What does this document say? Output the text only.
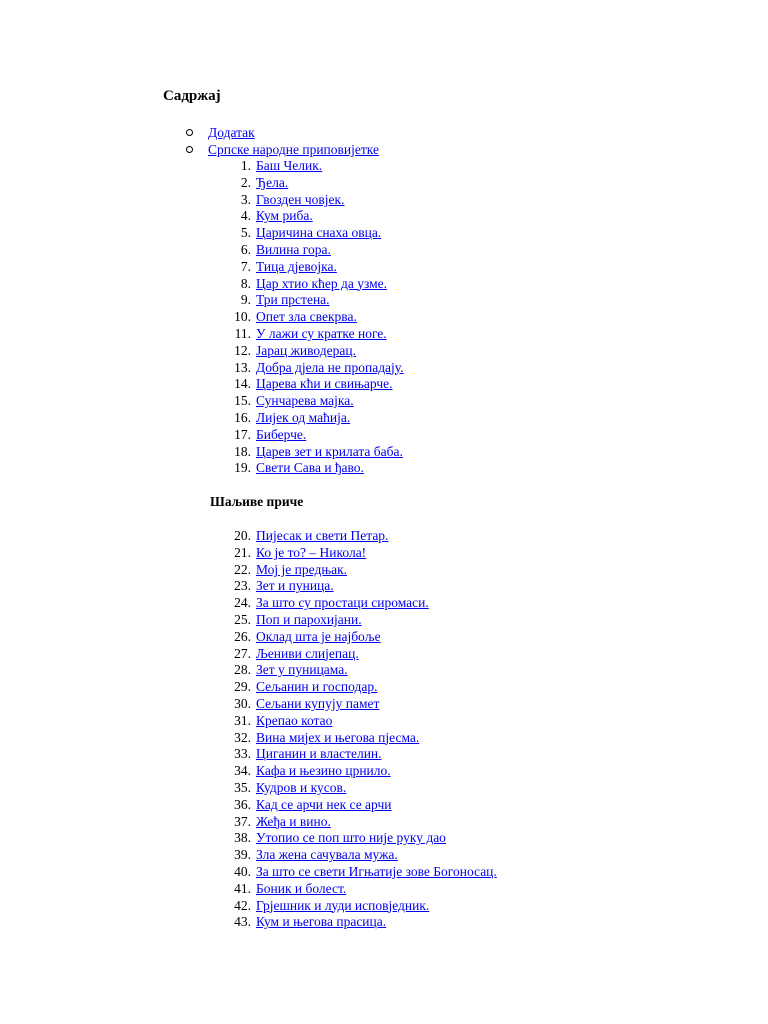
Садржај
Додатак
Српске народне приповијетке
1. Баш Челик.
2. Ђела.
3. Гвозден човјек.
4. Кум риба.
5. Царичина снаха овца.
6. Вилина гора.
7. Тица дјевојка.
8. Цар хтио кћер да узме.
9. Три прстена.
10. Опет зла свекрва.
11. У лажи су кратке ноге.
12. Јарац живодерац.
13. Добра дјела не пропадају.
14. Царева кћи и свињарче.
15. Сунчарева мајка.
16. Лијек од маћија.
17. Биберче.
18. Царев зет и крилата баба.
19. Свети Сава и ђаво.
Шаљиве приче
20. Пијесак и свети Петар.
21. Ко је то? – Никола!
22. Мој је предњак.
23. Зет и пуница.
24. За што су простаци сиромаси.
25. Поп и парохијани.
26. Оклад шта је најбоље
27. Љениви слијепац.
28. Зет у пуницама.
29. Сељанин и господар.
30. Сељани купују памет
31. Крепао котао
32. Вина мијех и његова пјесма.
33. Циганин и властелин.
34. Кафа и њезино црнило.
35. Кудров и кусов.
36. Кад се арчи нек се арчи
37. Жеђа и вино.
38. Утопио се поп што није руку дао
39. Зла жена сачувала мужа.
40. За што се свети Игњатије зове Богоносац.
41. Боник и болест.
42. Грјешник и луди исповједник.
43. Кум и његова прасица.
